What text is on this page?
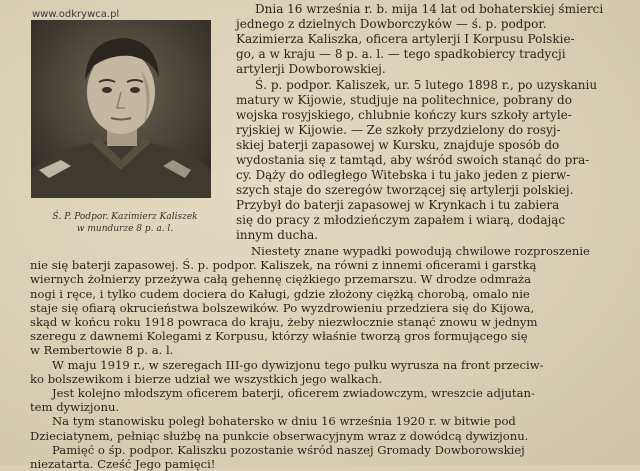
www.odkrywca.pl
Ś. P. Podpor. Kazimierz Kaliszek
w mundurze 8 p. a. l.
Dnia 16 września r. b. mija 14 lat od bohaterskiej śmierci
jednego z dzielnych Dowborczyków — ś. p. podpor.
Kazimierza Kaliszka, oficera artylerji I Korpusu Polskie-
go, a w kraju — 8 p. a. l. — tego spadkobiercy tradycji
artylerji Dowborowskiej.
Ś. p. podpor. Kaliszek, ur. 5 lutego 1898 r., po uzyskaniu
matury w Kijowie, studjuje na politechnice, pobrany do
wojska rosyjskiego, chlubnie kończy kurs szkoły artyle-
ryjskiej w Kijowie. — Ze szkoły przydzielony do rosyj-
skiej baterji zapasowej w Kursku, znajduje sposób do
wydostania się z tamtąd, aby wśród swoich stanąć do pra-
cy. Dąży do odległego Witebska i tu jako jeden z pierw-
szych staje do szeregów tworzącej się artylerji polskiej.
Przybył do baterji zapasowej w Krynkach i tu zabiera
się do pracy z młodzieńczym zapałem i wiarą, dodając
innym ducha.
Niestety znane wypadki powodują chwilowe rozproszenie
nie się baterji zapasowej. Ś. p. podpor. Kaliszek, na równi z innemi oficerami i garstką
wiernych żołnierzy przeżywa całą gehennę ciężkiego przemarszu. W drodze odmraża
nogi i ręce, i tylko cudem dociera do Kaługi, gdzie złożony ciężką chorobą, omalo nie
staje się ofiarą okrucieństwa bolszewików. Po wyzdrowieniu przedziera się do Kijowa,
skąd w końcu roku 1918 powraca do kraju, żeby niezwłocznie stanąć znowu w jednym
szeregu z dawnemi Kolegami z Korpusu, którzy właśnie tworzą gros formującego się
w Rembertowie 8 p. a. l.
W maju 1919 r., w szeregach III-go dywizjonu tego pułku wyrusza na front przeciw-
ko bolszewikom i bierze udział we wszystkich jego walkach.
Jest kolejno młodszym oficerem baterji, oficerem zwiadowczym, wreszcie adjutan-
tem dywizjonu.
Na tym stanowisku poległ bohatersko w dniu 16 września 1920 r. w bitwie pod
Dzieciatynem, pełniąc służbę na punkcie obserwacyjnym wraz z dowódcą dywizjonu.
Pamięć o śp. podpor. Kaliszku pozostanie wśród naszej Gromady Dowborowskiej
niezatarta. Cześć Jego pamięci!
